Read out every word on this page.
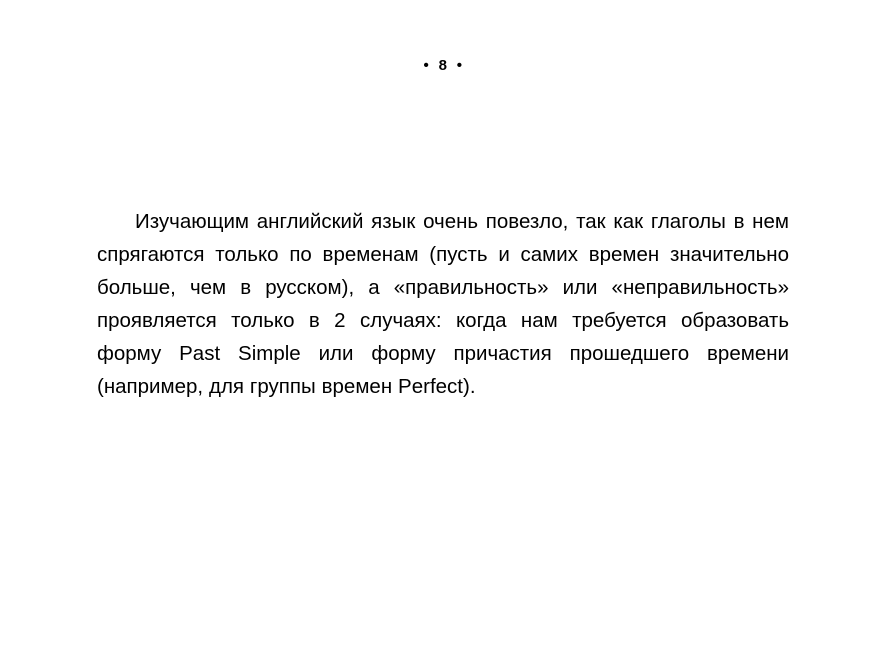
•  8  •

Изучающим английский язык очень повезло, так как глаголы в нем спрягаются только по временам (пусть и самих времен значительно больше, чем в русском), а «правильность» или «неправильность» проявляется только в 2 случаях: когда нам требуется образовать форму Past Simple или форму причастия прошедшего времени (например, для группы времен Perfect).
